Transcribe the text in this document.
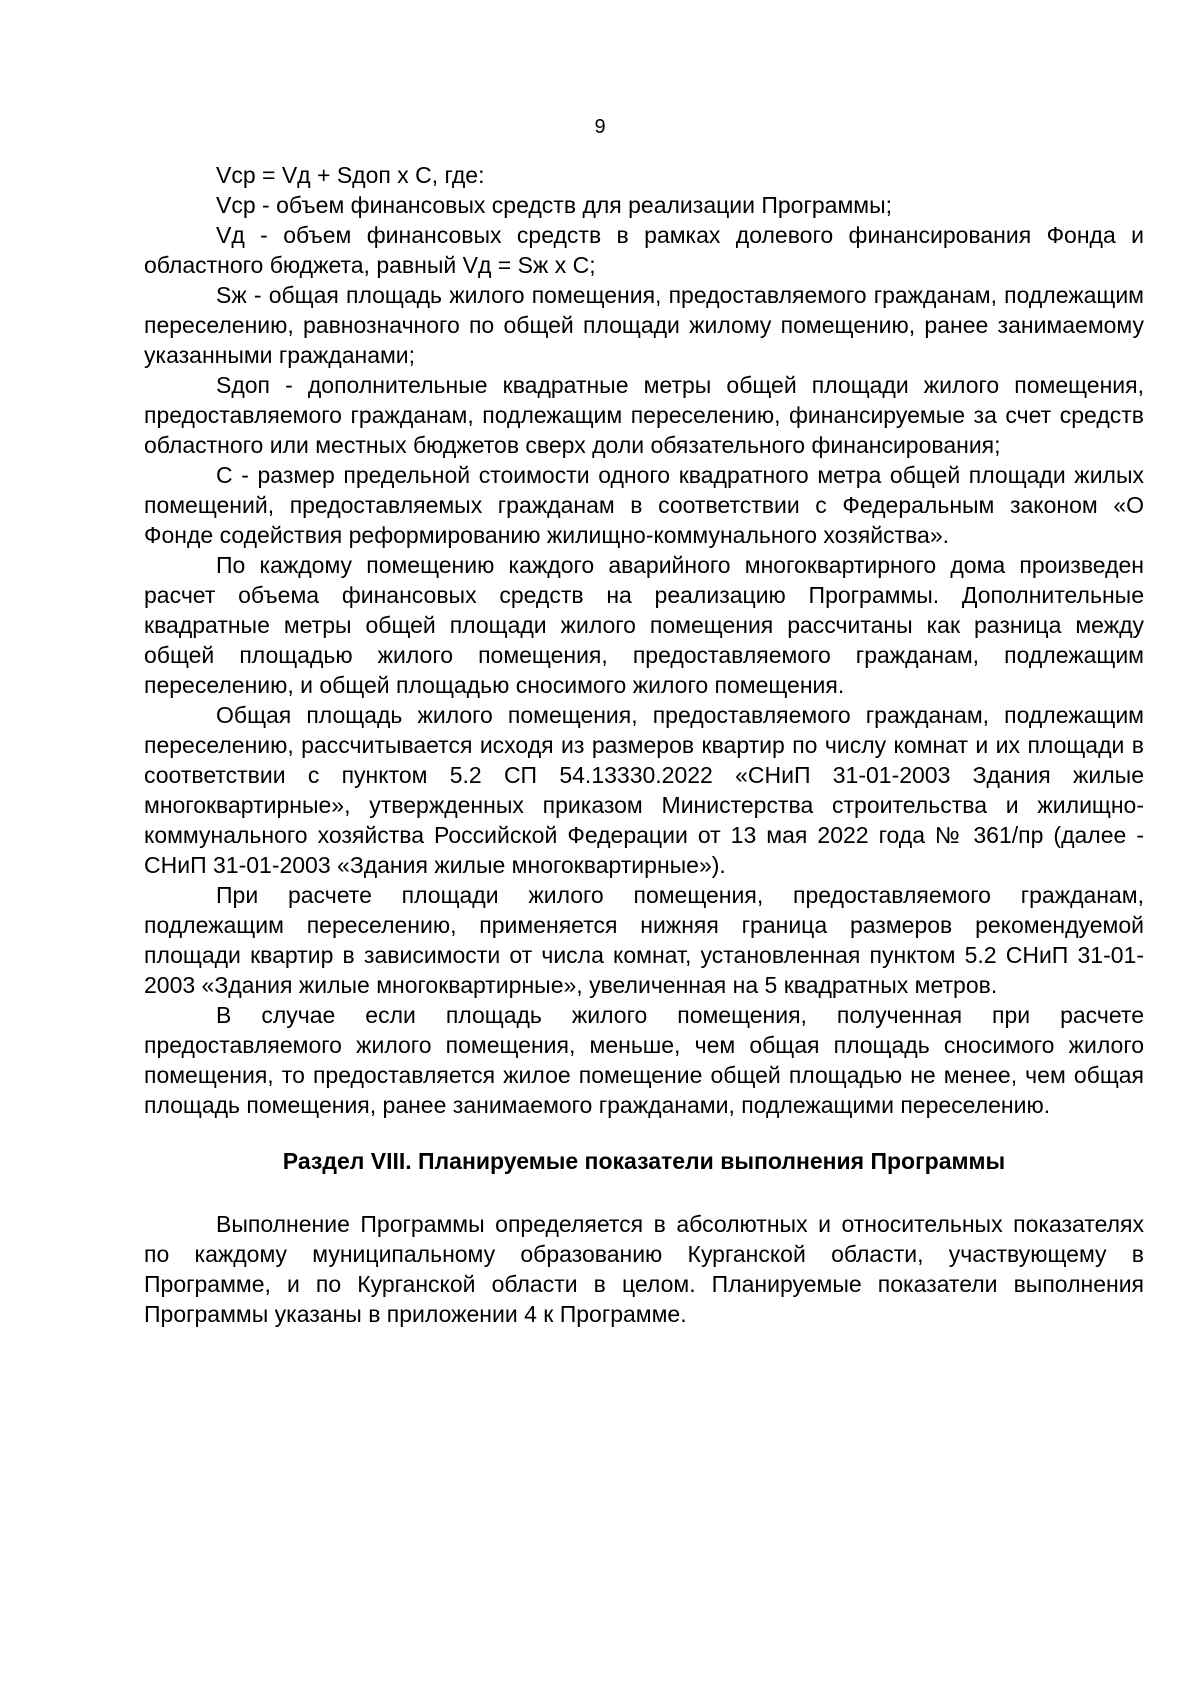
9

Vср = Vд + Sдоп х С, где:

Vср - объем финансовых средств для реализации Программы;

Vд - объем финансовых средств в рамках долевого финансирования Фонда и областного бюджета, равный Vд = Sж х С;

Sж - общая площадь жилого помещения, предоставляемого гражданам, подлежащим переселению, равнозначного по общей площади жилому помещению, ранее занимаемому указанными гражданами;

Sдоп - дополнительные квадратные метры общей площади жилого помещения, предоставляемого гражданам, подлежащим переселению, финансируемые за счет средств областного или местных бюджетов сверх доли обязательного финансирования;

С - размер предельной стоимости одного квадратного метра общей площади жилых помещений, предоставляемых гражданам в соответствии с Федеральным законом «О Фонде содействия реформированию жилищно-коммунального хозяйства».

По каждому помещению каждого аварийного многоквартирного дома произведен расчет объема финансовых средств на реализацию Программы. Дополнительные квадратные метры общей площади жилого помещения рассчитаны как разница между общей площадью жилого помещения, предоставляемого гражданам, подлежащим переселению, и общей площадью сносимого жилого помещения.

Общая площадь жилого помещения, предоставляемого гражданам, подлежащим переселению, рассчитывается исходя из размеров квартир по числу комнат и их площади в соответствии с пунктом 5.2 СП 54.13330.2022 «СНиП 31-01-2003 Здания жилые многоквартирные», утвержденных приказом Министерства строительства и жилищно-коммунального хозяйства Российской Федерации от 13 мая 2022 года № 361/пр (далее - СНиП 31-01-2003 «Здания жилые многоквартирные»).

При расчете площади жилого помещения, предоставляемого гражданам, подлежащим переселению, применяется нижняя граница размеров рекомендуемой площади квартир в зависимости от числа комнат, установленная пунктом 5.2 СНиП 31-01-2003 «Здания жилые многоквартирные», увеличенная на 5 квадратных метров.

В случае если площадь жилого помещения, полученная при расчете предоставляемого жилого помещения, меньше, чем общая площадь сносимого жилого помещения, то предоставляется жилое помещение общей площадью не менее, чем общая площадь помещения, ранее занимаемого гражданами, подлежащими переселению.

Раздел VIII. Планируемые показатели выполнения Программы

Выполнение Программы определяется в абсолютных и относительных показателях по каждому муниципальному образованию Курганской области, участвующему в Программе, и по Курганской области в целом. Планируемые показатели выполнения Программы указаны в приложении 4 к Программе.
